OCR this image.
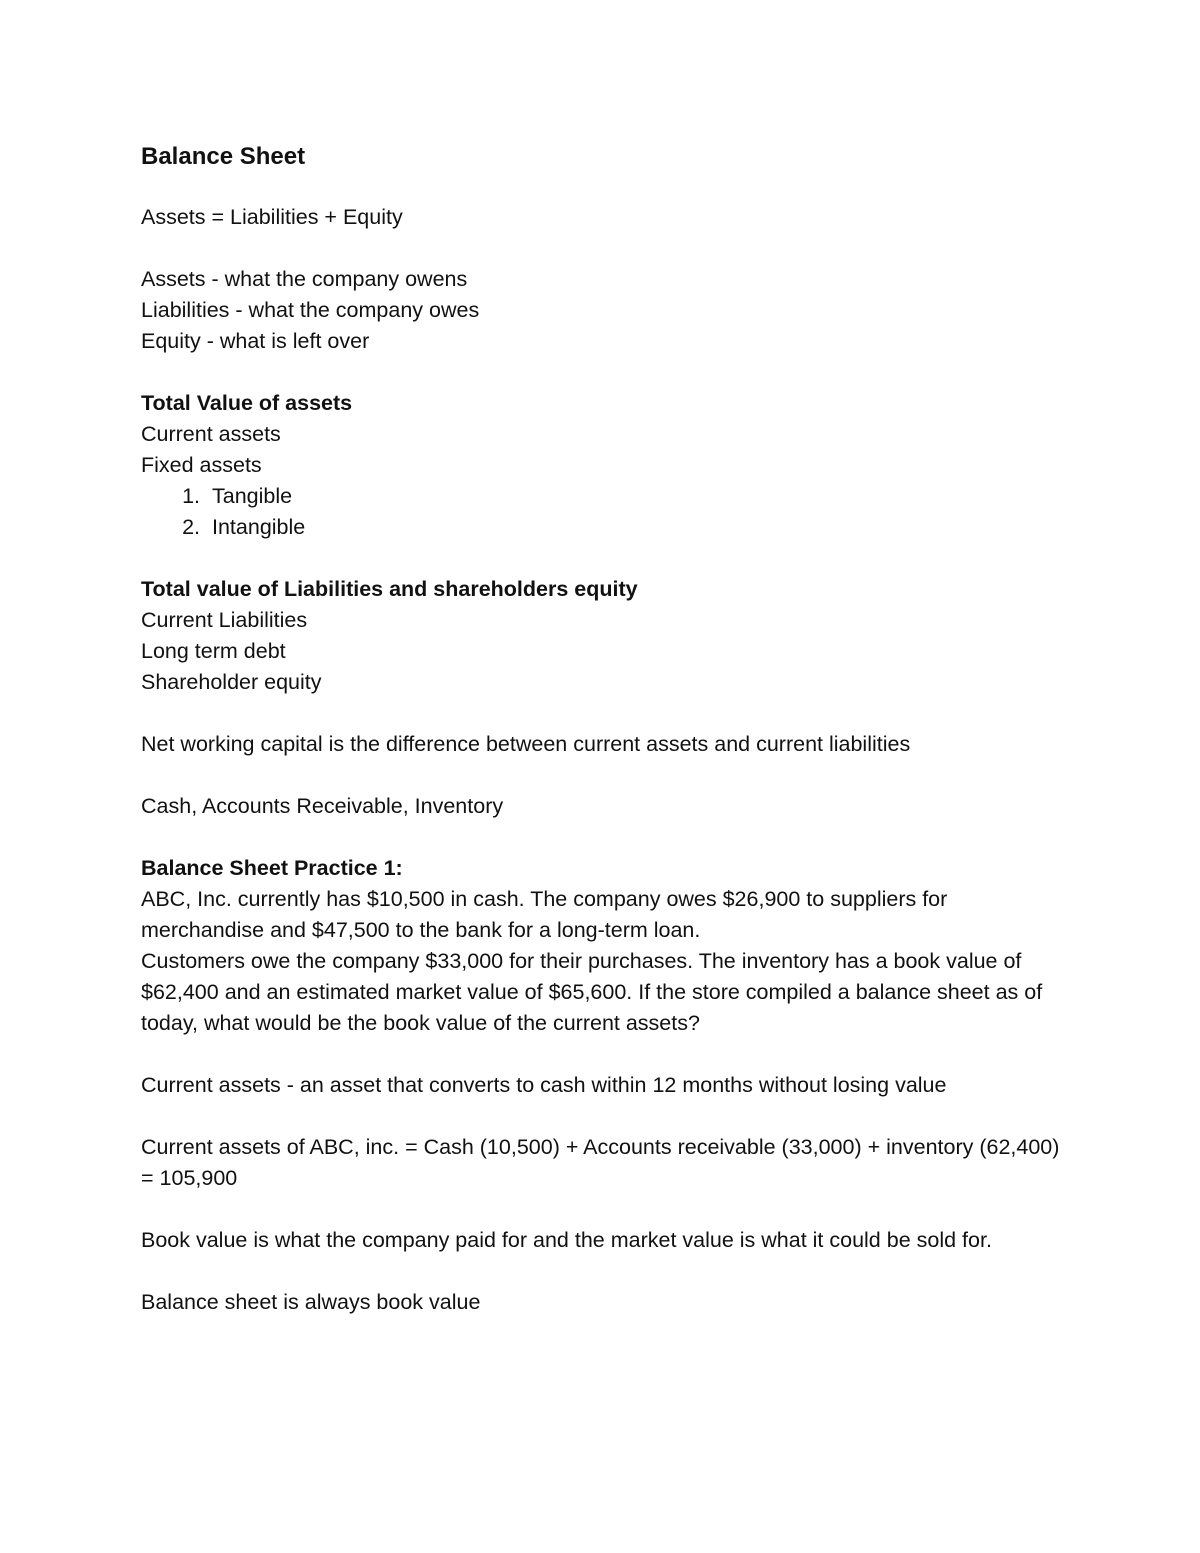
Balance Sheet
Assets = Liabilities + Equity
Assets - what the company owens
Liabilities - what the company owes
Equity - what is left over
Total Value of assets
Current assets
Fixed assets
1. Tangible
2. Intangible
Total value of Liabilities and shareholders equity
Current Liabilities
Long term debt
Shareholder equity
Net working capital is the difference between current assets and current liabilities
Cash, Accounts Receivable, Inventory
Balance Sheet Practice 1:
ABC, Inc. currently has $10,500 in cash. The company owes $26,900 to suppliers for merchandise and $47,500 to the bank for a long-term loan.
Customers owe the company $33,000 for their purchases. The inventory has a book value of $62,400 and an estimated market value of $65,600. If the store compiled a balance sheet as of today, what would be the book value of the current assets?
Current assets - an asset that converts to cash within 12 months without losing value
Current assets of ABC, inc. = Cash (10,500) + Accounts receivable (33,000) + inventory (62,400) = 105,900
Book value is what the company paid for and the market value is what it could be sold for.
Balance sheet is always book value
